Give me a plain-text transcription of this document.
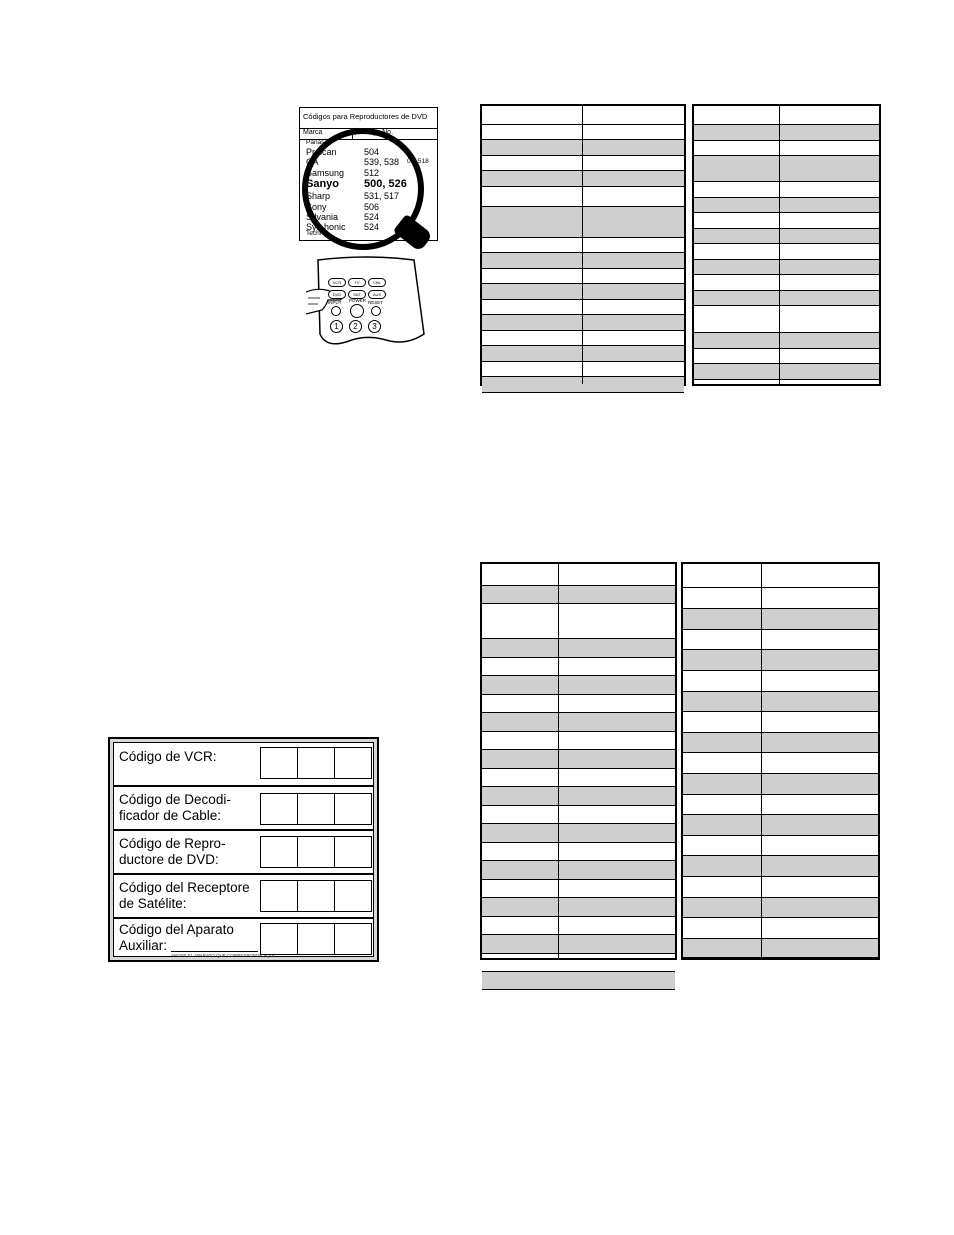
Códigos para Reproductores de DVD
Marca	Código No.
Panaso
Pr scan	504
CA	539, 538 05, 518
Samsung 512
Sanyo 500, 526
Sharp	531, 517
Sony	506
S lvania	524
Syn honic 524
Technic
VCR	TV	CBL
DVD	SAT	AUX
INPUT POWER RESET
1	2	3
Código de VCR:
Código de Decodi-
ficador de Cable:
Código de Repro-
ductore de DVD:
Código del Receptore
de Satélite:
Código del Aparato
Auxiliar:
ANOTE EL APARATO QUE CORRESPONDE AQUÍ
